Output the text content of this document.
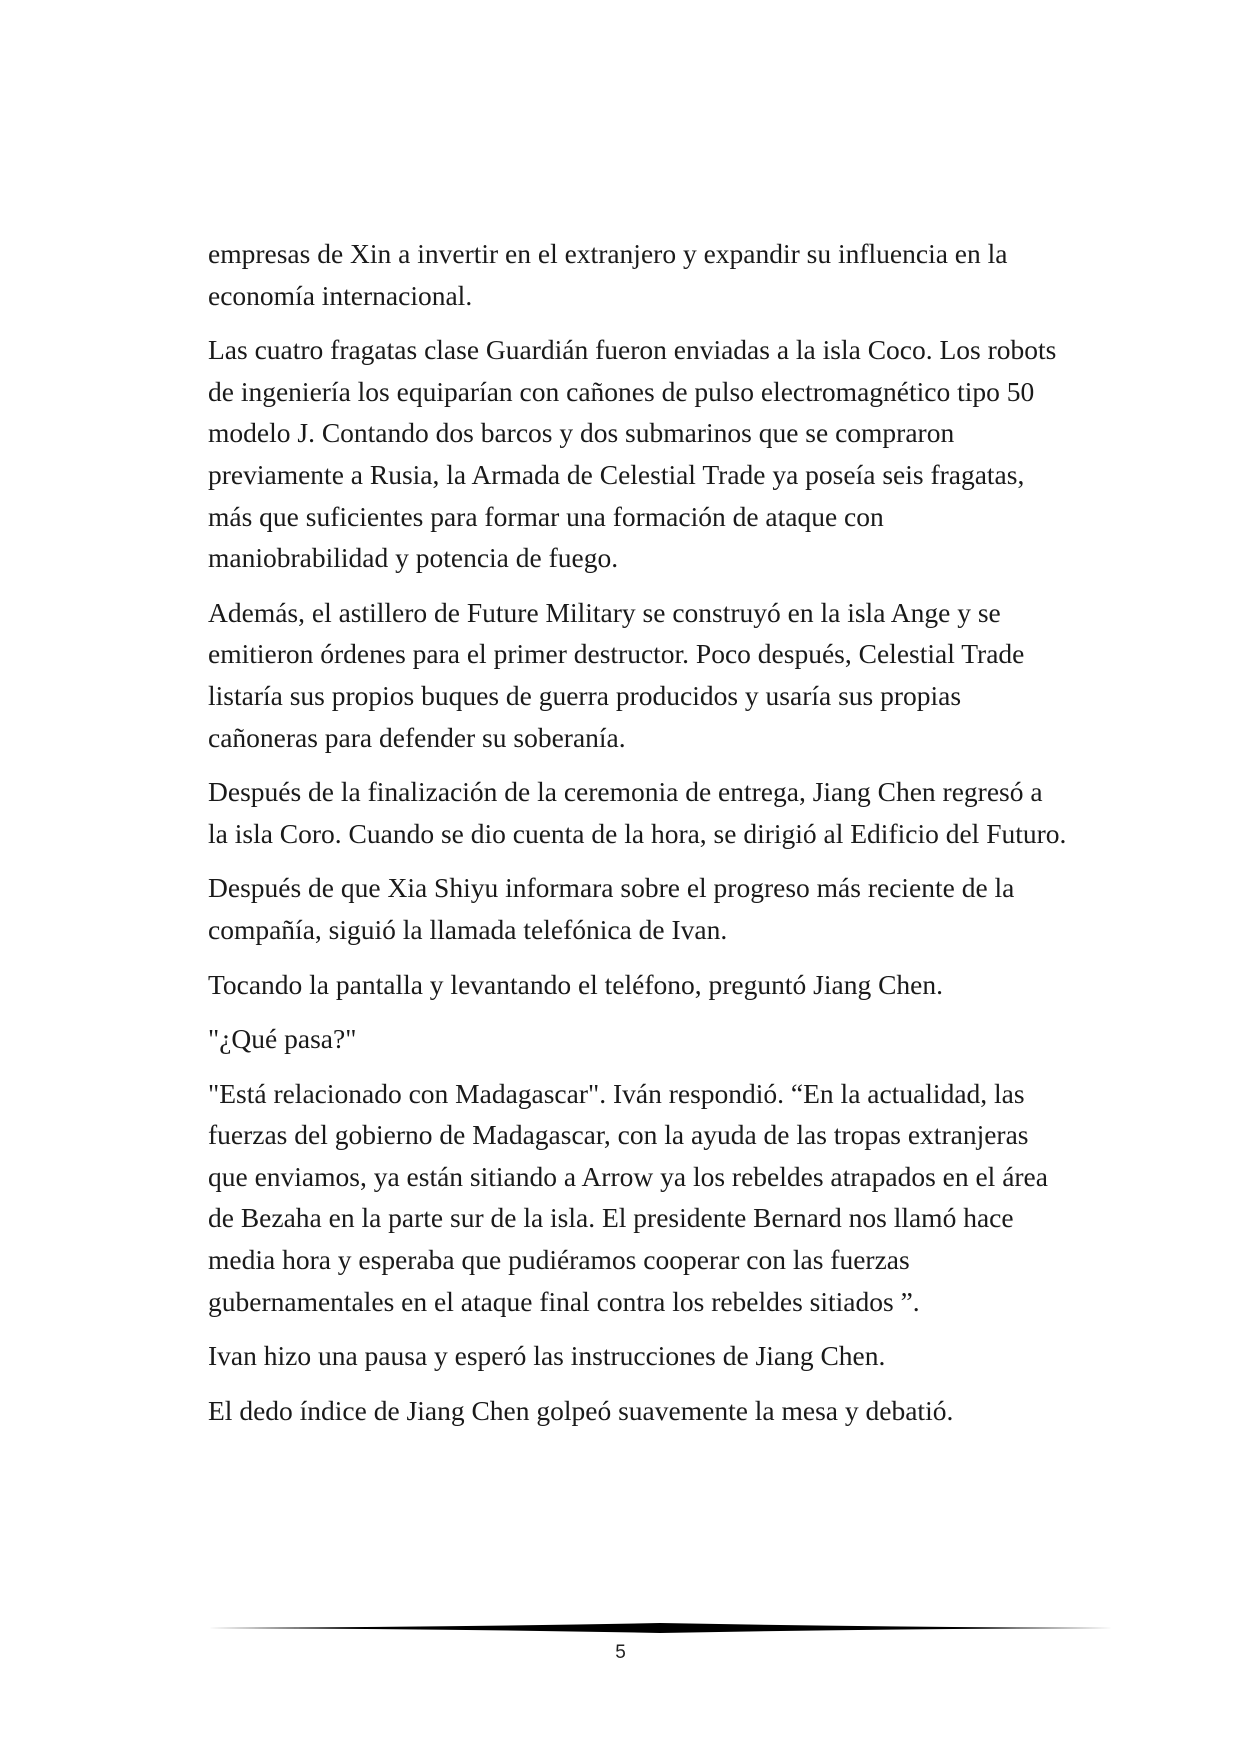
empresas de Xin a invertir en el extranjero y expandir su influencia en la economía internacional.

Las cuatro fragatas clase Guardián fueron enviadas a la isla Coco. Los robots de ingeniería los equiparían con cañones de pulso electromagnético tipo 50 modelo J. Contando dos barcos y dos submarinos que se compraron previamente a Rusia, la Armada de Celestial Trade ya poseía seis fragatas, más que suficientes para formar una formación de ataque con maniobrabilidad y potencia de fuego.

Además, el astillero de Future Military se construyó en la isla Ange y se emitieron órdenes para el primer destructor. Poco después, Celestial Trade listaría sus propios buques de guerra producidos y usaría sus propias cañoneras para defender su soberanía.

Después de la finalización de la ceremonia de entrega, Jiang Chen regresó a la isla Coro. Cuando se dio cuenta de la hora, se dirigió al Edificio del Futuro.

Después de que Xia Shiyu informara sobre el progreso más reciente de la compañía, siguió la llamada telefónica de Ivan.

Tocando la pantalla y levantando el teléfono, preguntó Jiang Chen.

"¿Qué pasa?"

"Está relacionado con Madagascar". Iván respondió. “En la actualidad, las fuerzas del gobierno de Madagascar, con la ayuda de las tropas extranjeras que enviamos, ya están sitiando a Arrow ya los rebeldes atrapados en el área de Bezaha en la parte sur de la isla. El presidente Bernard nos llamó hace media hora y esperaba que pudiéramos cooperar con las fuerzas gubernamentales en el ataque final contra los rebeldes sitiados ”.

Ivan hizo una pausa y esperó las instrucciones de Jiang Chen.

El dedo índice de Jiang Chen golpeó suavemente la mesa y debatió.

5
